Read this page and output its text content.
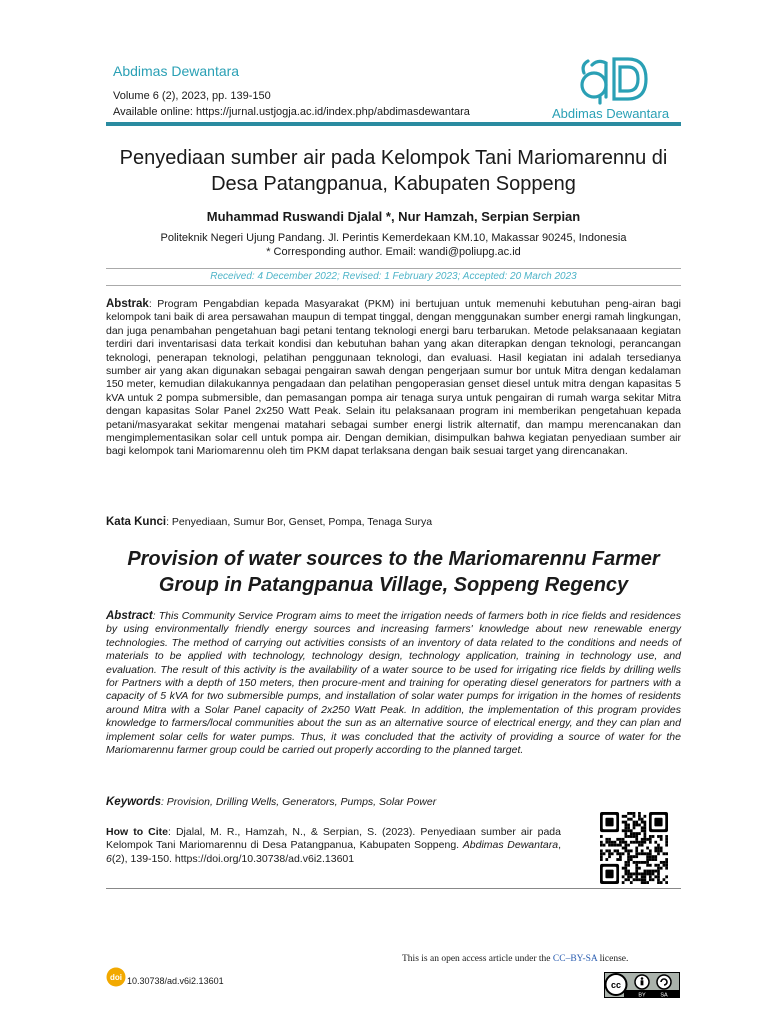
Abdimas Dewantara
Volume 6 (2), 2023, pp. 139-150
Available online: https://jurnal.ustjogja.ac.id/index.php/abdimasdewantara	Abdimas Dewantara
Penyediaan sumber air pada Kelompok Tani Mariomarennu di Desa Patangpanua, Kabupaten Soppeng
Muhammad Ruswandi Djalal *, Nur Hamzah, Serpian Serpian
Politeknik Negeri Ujung Pandang. Jl. Perintis Kemerdekaan KM.10, Makassar 90245, Indonesia
* Corresponding author. Email: wandi@poliupg.ac.id
Received: 4 December 2022; Revised: 1 February 2023; Accepted: 20 March 2023
Abstrak: Program Pengabdian kepada Masyarakat (PKM) ini bertujuan untuk memenuhi kebutuhan peng-airan bagi kelompok tani baik di area persawahan maupun di tempat tinggal, dengan menggunakan sumber energi ramah lingkungan, dan juga penambahan pengetahuan bagi petani tentang teknologi energi baru terbarukan. Metode pelaksanaaan kegiatan terdiri dari inventarisasi data terkait kondisi dan kebutuhan bahan yang akan diterapkan dengan teknologi, perancangan teknologi, penerapan teknologi, pelatihan penggunaan teknologi, dan evaluasi. Hasil kegiatan ini adalah tersedianya sumber air yang akan digunakan sebagai pengairan sawah dengan pengerjaan sumur bor untuk Mitra dengan kedalaman 150 meter, kemudian dilakukannya pengadaan dan pelatihan pengoperasian genset diesel untuk mitra dengan kapasitas 5 kVA untuk 2 pompa submersible, dan pemasangan pompa air tenaga surya untuk pengairan di rumah warga sekitar Mitra dengan kapasitas Solar Panel 2x250 Watt Peak. Selain itu pelaksanaan program ini memberikan pengetahuan kepada petani/masyarakat sekitar mengenai matahari sebagai sumber energi listrik alternatif, dan mampu merencanakan dan mengimplementasikan solar cell untuk pompa air. Dengan demikian, disimpulkan bahwa kegiatan penyediaan sumber air bagi kelompok tani Mariomarennu oleh tim PKM dapat terlaksana dengan baik sesuai target yang direncanakan.
Kata Kunci: Penyediaan, Sumur Bor, Genset, Pompa, Tenaga Surya
Provision of water sources to the Mariomarennu Farmer Group in Patangpanua Village, Soppeng Regency
Abstract: This Community Service Program aims to meet the irrigation needs of farmers both in rice fields and residences by using environmentally friendly energy sources and increasing farmers' knowledge about new renewable energy technologies. The method of carrying out activities consists of an inventory of data related to the conditions and needs of materials to be applied with technology, technology design, technology application, training in technology use, and evaluation. The result of this activity is the availability of a water source to be used for irrigating rice fields by drilling wells for Partners with a depth of 150 meters, then procure-ment and training for operating diesel generators for partners with a capacity of 5 kVA for two submersible pumps, and installation of solar water pumps for irrigation in the homes of residents around Mitra with a Solar Panel capacity of 2x250 Watt Peak. In addition, the implementation of this program provides knowledge to farmers/local communities about the sun as an alternative source of electrical energy, and they can plan and implement solar cells for water pumps. Thus, it was concluded that the activity of providing a source of water for the Mariomarennu farmer group could be carried out properly according to the planned target.
Keywords: Provision, Drilling Wells, Generators, Pumps, Solar Power
How to Cite: Djalal, M. R., Hamzah, N., & Serpian, S. (2023). Penyediaan sumber air pada Kelompok Tani Mariomarennu di Desa Patangpanua, Kabupaten Soppeng. Abdimas Dewantara, 6(2), 139-150. https://doi.org/10.30738/ad.v6i2.13601
This is an open access article under the CC–BY-SA license.
doi 10.30738/ad.v6i2.13601	cc
BY	SA
